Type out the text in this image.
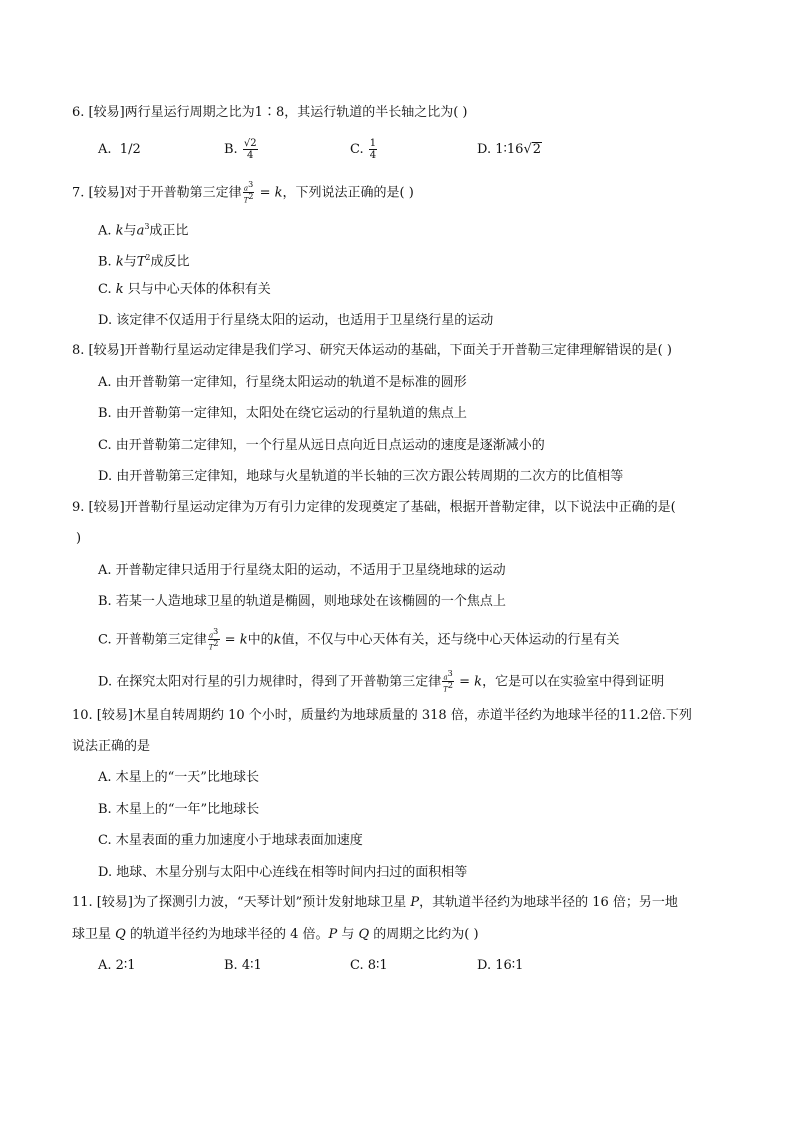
6. [较易]两行星运行周期之比为1∶8，其运行轨道的半长轴之比为( )
A. 1/2	B. $\frac{√2}{4}$	C. $\frac{1}{4}$	D. 1∶16√2
7. [较易]对于开普勒第三定律 $\frac{a^3}{T^2} = k$，下列说法正确的是( )
A. k与$a^3$成正比
B. k与$T^2$成反比
C. k 只与中心天体的体积有关
D. 该定律不仅适用于行星绕太阳的运动，也适用于卫星绕行星的运动
8. [较易]开普勒行星运动定律是我们学习、研究天体运动的基础，下面关于开普勒三定律理解错误的是( )
A. 由开普勒第一定律知，行星绕太阳运动的轨道不是标准的圆形
B. 由开普勒第一定律知，太阳处在绕它运动的行星轨道的焦点上
C. 由开普勒第二定律知，一个行星从远日点向近日点运动的速度是逐渐减小的
D. 由开普勒第三定律知，地球与火星轨道的半长轴的三次方跟公转周期的二次方的比值相等
9. [较易]开普勒行星运动定律为万有引力定律的发现奠定了基础，根据开普勒定律，以下说法中正确的是(
)
A. 开普勒定律只适用于行星绕太阳的运动，不适用于卫星绕地球的运动
B. 若某一人造地球卫星的轨道是椭圆，则地球处在该椭圆的一个焦点上
C. 开普勒第三定律 $\frac{a^3}{T^2} = k$中的k值，不仅与中心天体有关，还与绕中心天体运动的行星有关
D. 在探究太阳对行星的引力规律时，得到了开普勒第三定律 $\frac{a^3}{T^2} = k$，它是可以在实验室中得到证明
10. [较易]木星自转周期约 10 个小时，质量约为地球质量的 318 倍，赤道半径约为地球半径的11.2倍.下列
说法正确的是
A. 木星上的“一天”比地球长
B. 木星上的“一年”比地球长
C. 木星表面的重力加速度小于地球表面加速度
D. 地球、木星分别与太阳中心连线在相等时间内扫过的面积相等
11. [较易]为了探测引力波，“天琴计划”预计发射地球卫星 P，其轨道半径约为地球半径的 16 倍；另一地
球卫星 Q 的轨道半径约为地球半径的 4 倍。P 与 Q 的周期之比约为( )
A. 2∶1	B. 4∶1	C. 8∶1	D. 16∶1
